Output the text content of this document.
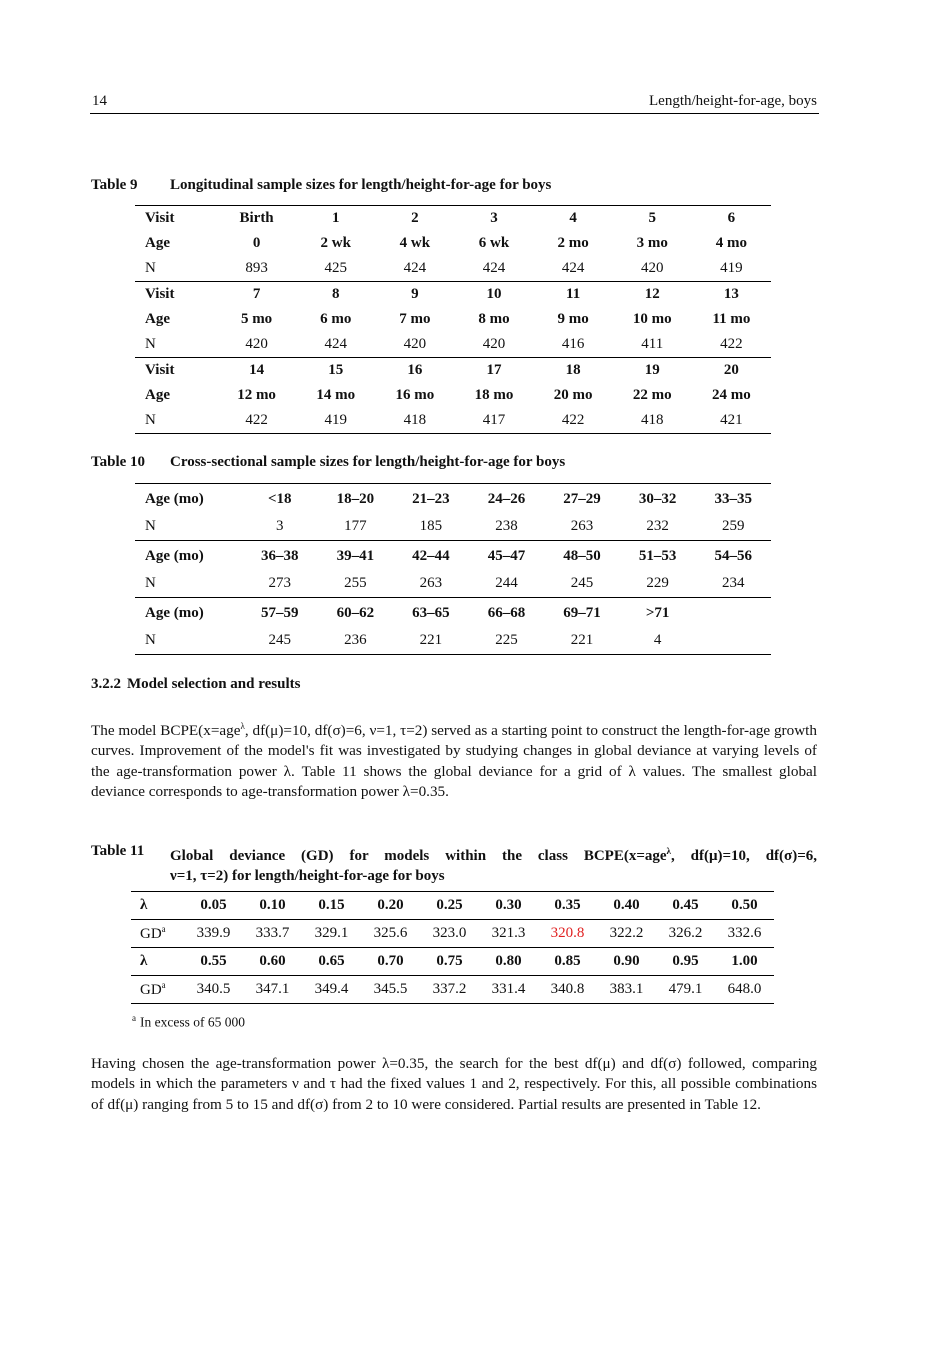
14	Length/height-for-age, boys
Table 9 Longitudinal sample sizes for length/height-for-age for boys
Visit	Birth	1	2	3	4	5	6
Age	0	2 wk	4 wk	6 wk	2 mo	3 mo	4 mo
N	893	425	424	424	424	420	419
Visit	7	8	9	10	11	12	13
Age	5 mo	6 mo	7 mo	8 mo	9 mo	10 mo	11 mo
N	420	424	420	420	416	411	422
Visit	14	15	16	17	18	19	20
Age	12 mo	14 mo	16 mo	18 mo	20 mo	22 mo	24 mo
N	422	419	418	417	422	418	421
Table 10 Cross-sectional sample sizes for length/height-for-age for boys
Age (mo)	<18	18–20	21–23	24–26	27–29	30–32	33–35
N	3	177	185	238	263	232	259
Age (mo)	36–38	39–41	42–44	45–47	48–50	51–53	54–56
N	273	255	263	244	245	229	234
Age (mo)	57–59	60–62	63–65	66–68	69–71	>71	
N	245	236	221	225	221	4	
3.2.2 Model selection and results

The model BCPE(x=age$^\lambda$, df(μ)=10, df(σ)=6, ν=1, τ=2) served as a starting point to construct the length-for-age growth curves. Improvement of the model's fit was investigated by studying changes in global deviance at varying levels of the age-transformation power λ. Table 11 shows the global deviance for a grid of λ values. The smallest global deviance corresponds to age-transformation power λ=0.35.

Table 11 Global deviance (GD) for models within the class BCPE(x=age$^\lambda$, df(μ)=10, df(σ)=6,
ν=1, τ=2) for length/height-for-age for boys
λ	0.05	0.10	0.15	0.20	0.25	0.30	0.35	0.40	0.45	0.50
$GD^a$	339.9	333.7	329.1	325.6	323.0	321.3	320.8	322.2	326.2	332.6
λ	0.55	0.60	0.65	0.70	0.75	0.80	0.85	0.90	0.95	1.00
$GD^a$	340.5	347.1	349.4	345.5	337.2	331.4	340.8	383.1	479.1	648.0
$^a$ In excess of 65 000

Having chosen the age-transformation power λ=0.35, the search for the best df(μ) and df(σ) followed, comparing models in which the parameters ν and τ had the fixed values 1 and 2, respectively. For this, all possible combinations of df(μ) ranging from 5 to 15 and df(σ) from 2 to 10 were considered. Partial results are presented in Table 12.
